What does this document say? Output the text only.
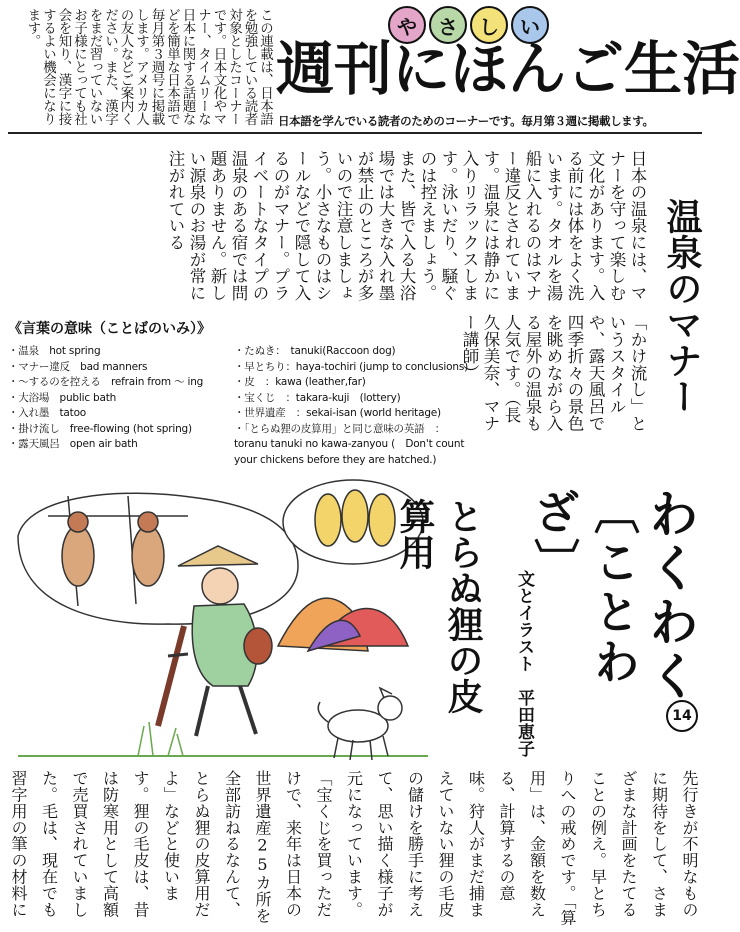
この連載は、日本語を勉強している読者対象としたコーナーです。日本文化やマナー、タイムリーな日本に関する話題などを簡単な日本語で毎月第３週号に掲載します。アメリカ人の友人などご案内ください。また、漢字をまだ習っていないお子様にとっても社会を知り、漢字に接するよい機会になります。	や	さ	し	い
週刊にほんご生活
日本語を学んでいる読者のためのコーナーです。毎月第３週に掲載します。
温泉のマナー
日本の温泉には、マナーを守って楽しむ文化があります。入る前には体をよく洗います。タオルを湯船に入れるのはマナー違反とされています。温泉には静かに入りリラックスします。泳いだり、騒ぐのは控えましょう。また、皆で入る大浴場では大きな入れ墨が禁止のところが多いので注意しましょう。小さなものはシールなどで隠して入るのがマナー。プライベートなタイプの温泉のある宿では問題ありません。新しい源泉のお湯が常に注がれている
「かけ流し」というスタイルや、露天風呂で四季折々の景色を眺めながら入る屋外の温泉も人気です。（長久保美奈、マナー講師）
《言葉の意味（ことばのいみ）》
・温泉　hot spring
・マナー違反　bad manners
・～するのを控える　refrain from ～ ing
・大浴場　public bath
・入れ墨　tatoo
・掛け流し　free-flowing (hot spring)
・露天風呂　open air bath
・たぬき：　tanuki(Raccoon dog)
・早とちり：haya-tochiri (jump to conclusions)
・皮　：kawa (leather,far)
・宝くじ　：takara-kuji　(lottery)
・世界遺産　：sekai-isan (world heritage)
・「とらぬ狸の皮算用」と同じ意味の英語　：
toranu tanuki no kawa-zanyou (　Don't count your chickens before they are hatched.)
わくわく
〔ことわざ〕
14
とらぬ狸の皮算用
文とイラスト　平田恵子
先行きが不明なものに期待をして、さまざまな計画をたてることの例え。早とちりへの戒めです。「算用」は、金額を数える、計算するの意味。狩人がまだ捕まえていない狸の毛皮の儲けを勝手に考えて、思い描く様子が元になっています。「宝くじを買っただけで、来年は日本の世界遺産25カ所を全部訪ねるなんて、とらぬ狸の皮算用だよ」などと使います。狸の毛皮は、昔は防寒用として高額で売買されていました。毛は、現在でも習字用の筆の材料に
